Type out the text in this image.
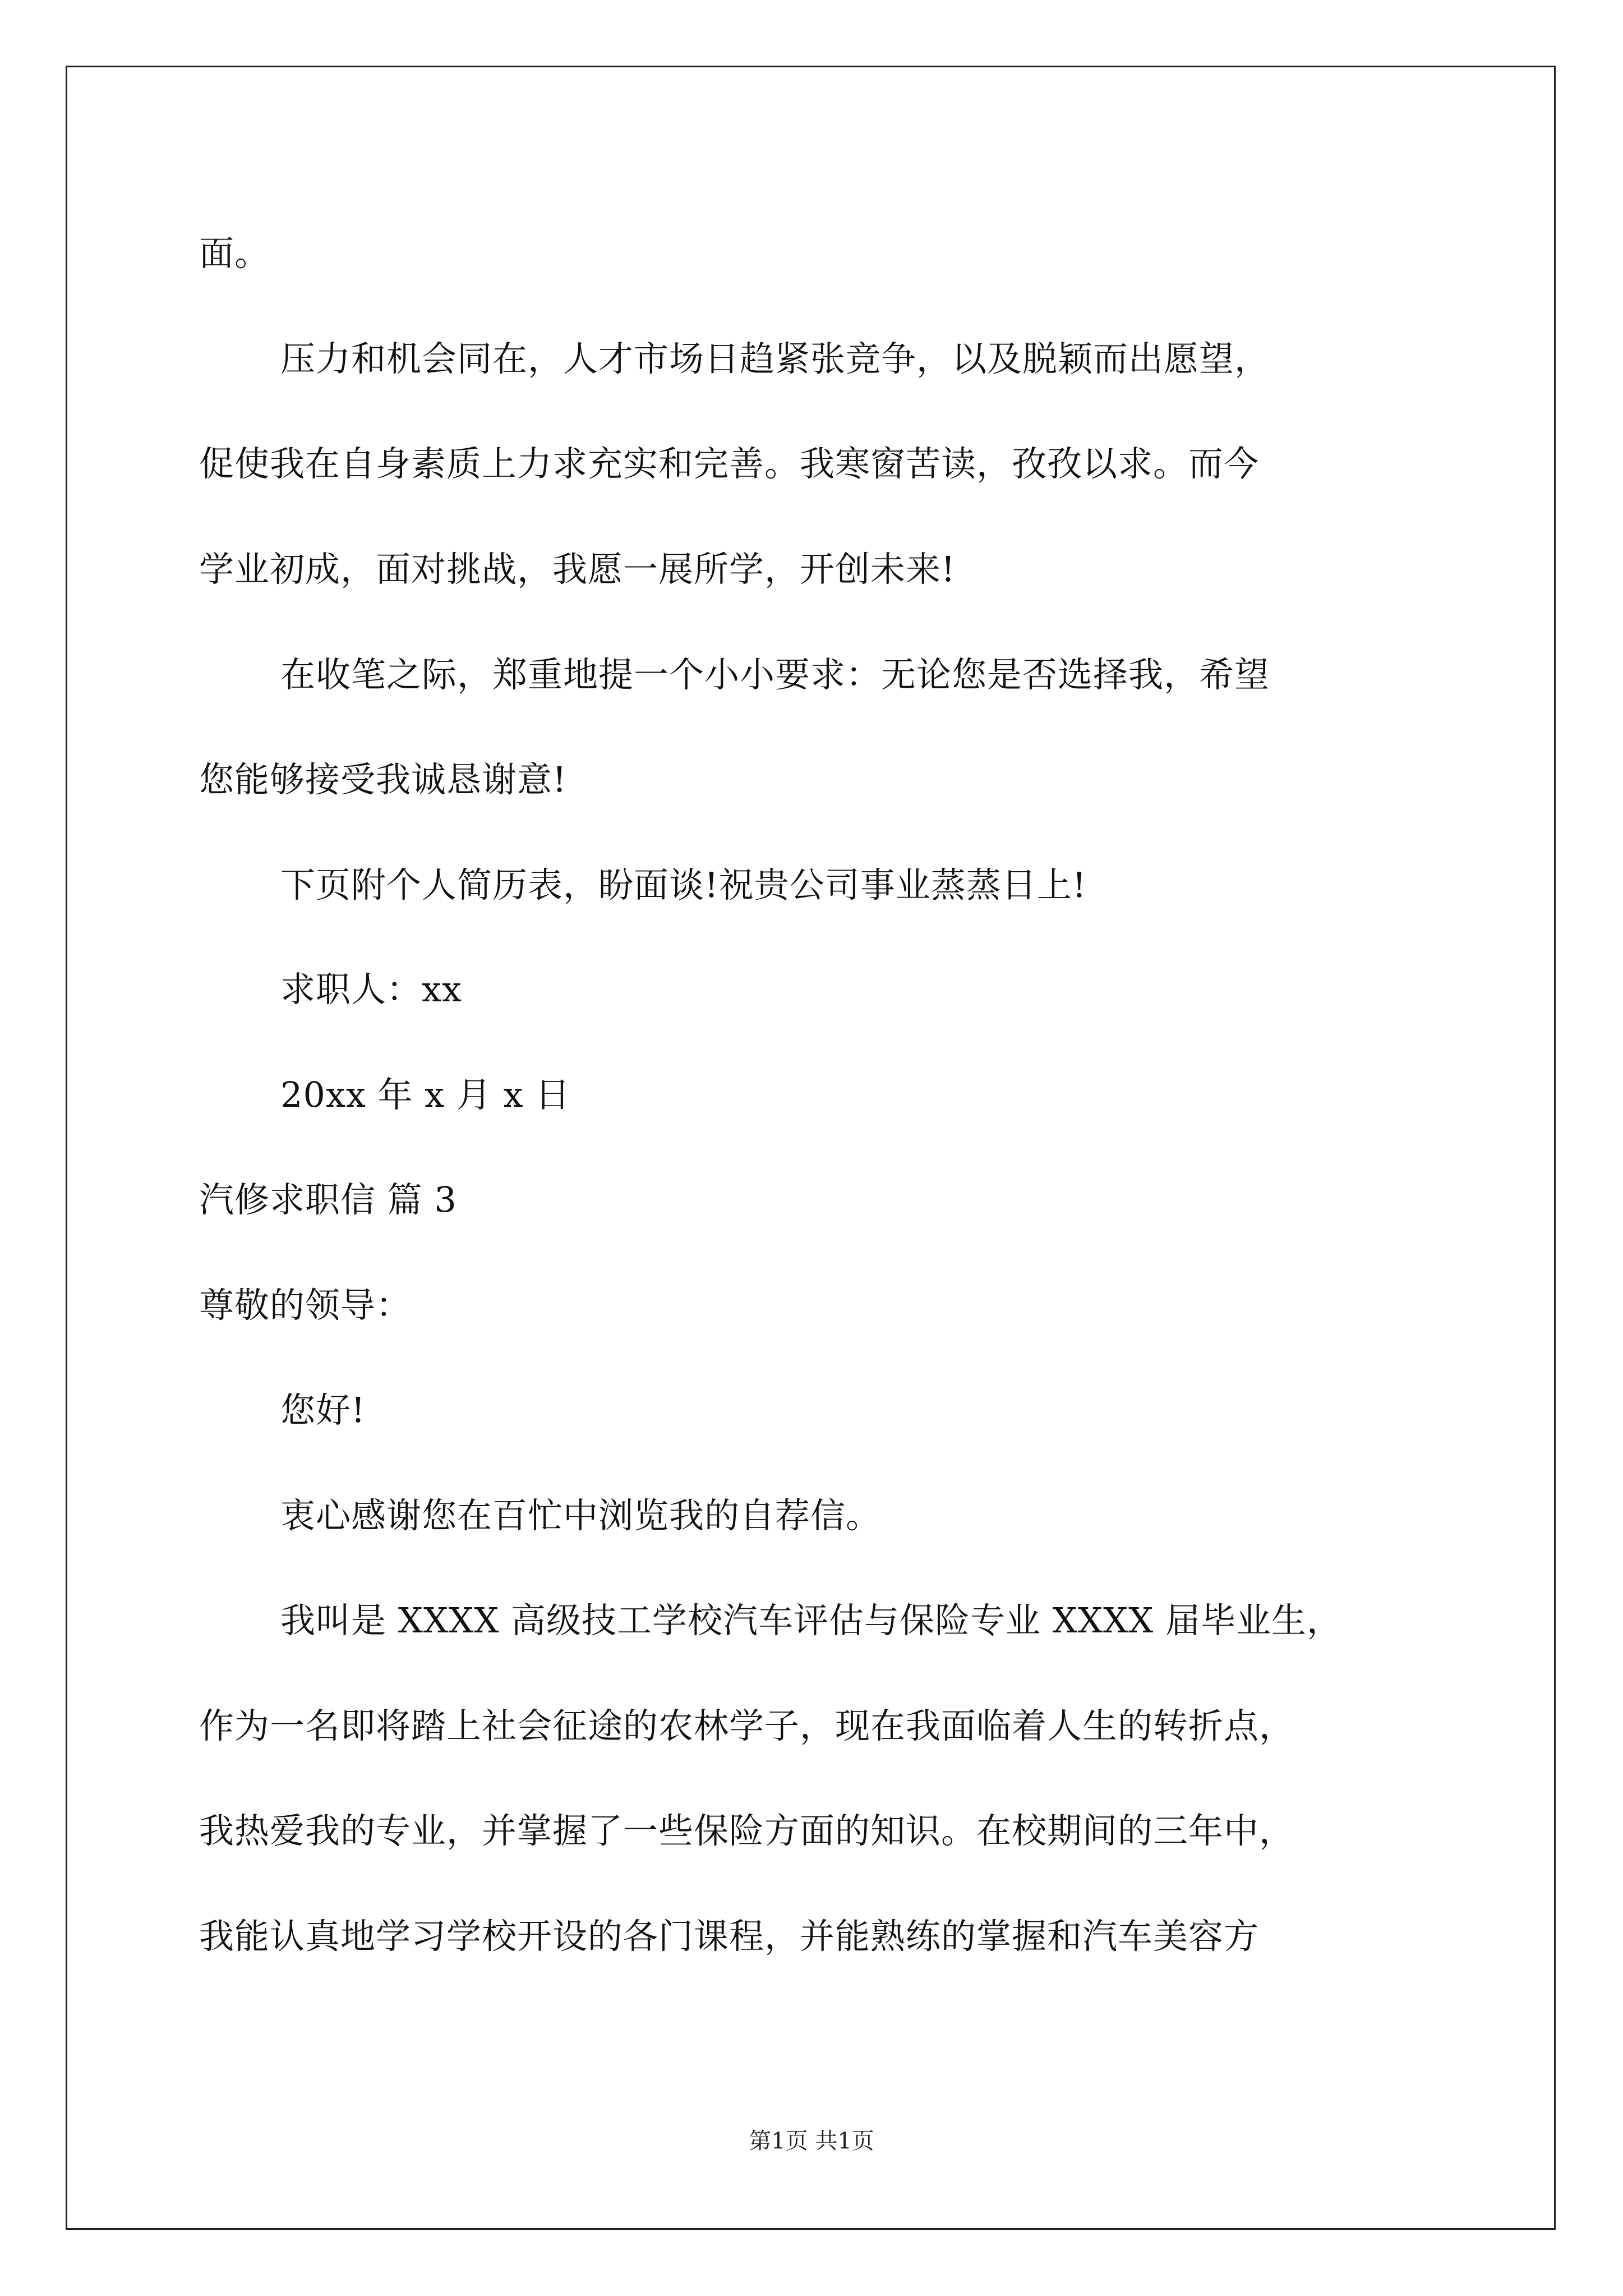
面。
压力和机会同在，人才市场日趋紧张竞争，以及脱颖而出愿望，
促使我在自身素质上力求充实和完善。我寒窗苦读，孜孜以求。而今
学业初成，面对挑战，我愿一展所学，开创未来!
在收笔之际，郑重地提一个小小要求：无论您是否选择我，希望
您能够接受我诚恳谢意!
下页附个人简历表，盼面谈!祝贵公司事业蒸蒸日上!
求职人：xx
20xx 年 x 月 x 日
汽修求职信 篇 3
尊敬的领导：
您好!
衷心感谢您在百忙中浏览我的自荐信。
我叫是 XXXX 高级技工学校汽车评估与保险专业 XXXX 届毕业生，
作为一名即将踏上社会征途的农林学子，现在我面临着人生的转折点，
我热爱我的专业，并掌握了一些保险方面的知识。在校期间的三年中，
我能认真地学习学校开设的各门课程，并能熟练的掌握和汽车美容方
第1页 共1页
